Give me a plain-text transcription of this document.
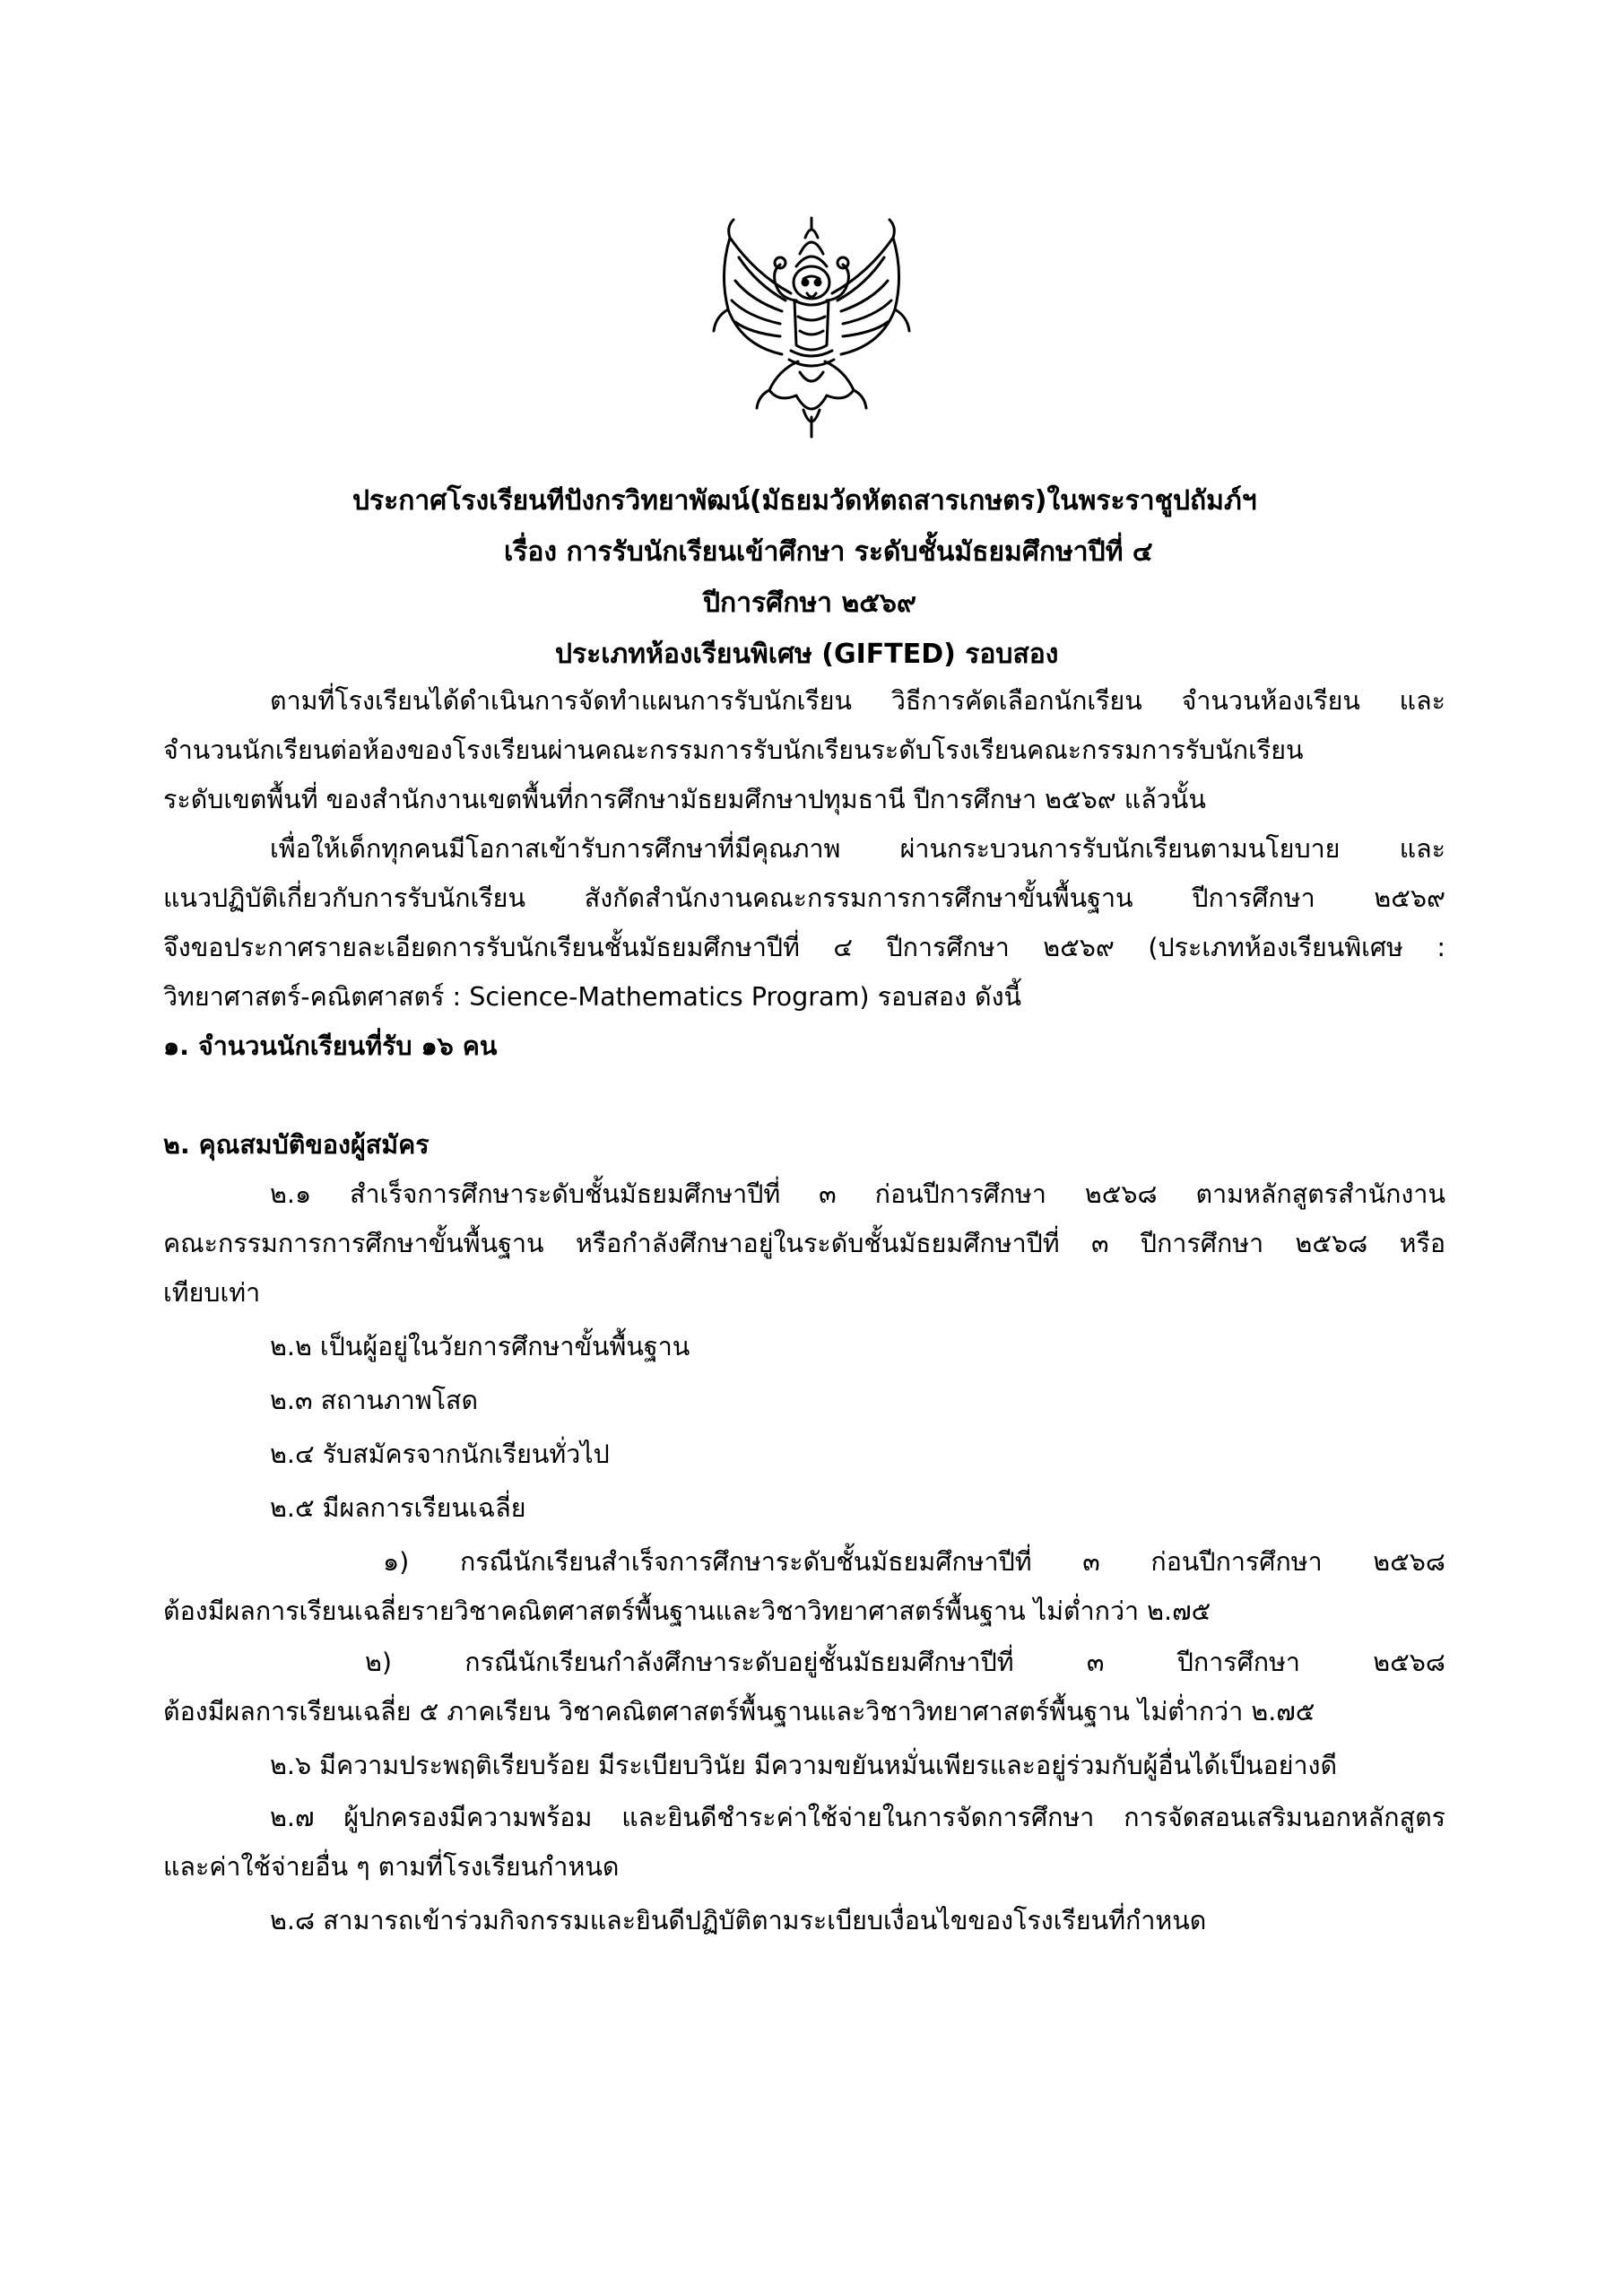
ประกาศโรงเรียนทีปังกรวิทยาพัฒน์(มัธยมวัดหัตถสารเกษตร)ในพระราชูปถัมภ์ฯ
เรื่อง การรับนักเรียนเข้าศึกษา ระดับชั้นมัธยมศึกษาปีที่ ๔
ปีการศึกษา ๒๕๖๙
ประเภทห้องเรียนพิเศษ (GIFTED) รอบสอง
ตามที่โรงเรียนได้ดำเนินการจัดทำแผนการรับนักเรียน วิธีการคัดเลือกนักเรียน จำนวนห้องเรียน และ
จำนวนนักเรียนต่อห้องของโรงเรียนผ่านคณะกรรมการรับนักเรียนระดับโรงเรียนคณะกรรมการรับนักเรียน
ระดับเขตพื้นที่ ของสำนักงานเขตพื้นที่การศึกษามัธยมศึกษาปทุมธานี ปีการศึกษา ๒๕๖๙ แล้วนั้น
เพื่อให้เด็กทุกคนมีโอกาสเข้ารับการศึกษาที่มีคุณภาพ ผ่านกระบวนการรับนักเรียนตามนโยบาย และ
แนวปฏิบัติเกี่ยวกับการรับนักเรียน สังกัดสำนักงานคณะกรรมการการศึกษาขั้นพื้นฐาน ปีการศึกษา ๒๕๖๙
จึงขอประกาศรายละเอียดการรับนักเรียนชั้นมัธยมศึกษาปีที่ ๔ ปีการศึกษา ๒๕๖๙ (ประเภทห้องเรียนพิเศษ :
วิทยาศาสตร์-คณิตศาสตร์ : Science-Mathematics Program) รอบสอง ดังนี้
๑. จำนวนนักเรียนที่รับ ๑๖ คน
๒. คุณสมบัติของผู้สมัคร
๒.๑ สำเร็จการศึกษาระดับชั้นมัธยมศึกษาปีที่ ๓ ก่อนปีการศึกษา ๒๕๖๘ ตามหลักสูตรสำนักงาน
คณะกรรมการการศึกษาขั้นพื้นฐาน หรือกำลังศึกษาอยู่ในระดับชั้นมัธยมศึกษาปีที่ ๓ ปีการศึกษา ๒๕๖๘ หรือ
เทียบเท่า
๒.๒ เป็นผู้อยู่ในวัยการศึกษาขั้นพื้นฐาน
๒.๓ สถานภาพโสด
๒.๔ รับสมัครจากนักเรียนทั่วไป
๒.๕ มีผลการเรียนเฉลี่ย
๑) กรณีนักเรียนสำเร็จการศึกษาระดับชั้นมัธยมศึกษาปีที่ ๓ ก่อนปีการศึกษา ๒๕๖๘
ต้องมีผลการเรียนเฉลี่ยรายวิชาคณิตศาสตร์พื้นฐานและวิชาวิทยาศาสตร์พื้นฐาน ไม่ต่ำกว่า ๒.๗๕
๒) กรณีนักเรียนกำลังศึกษาระดับอยู่ชั้นมัธยมศึกษาปีที่ ๓ ปีการศึกษา ๒๕๖๘
ต้องมีผลการเรียนเฉลี่ย ๕ ภาคเรียน วิชาคณิตศาสตร์พื้นฐานและวิชาวิทยาศาสตร์พื้นฐาน ไม่ต่ำกว่า ๒.๗๕
๒.๖ มีความประพฤติเรียบร้อย มีระเบียบวินัย มีความขยันหมั่นเพียรและอยู่ร่วมกับผู้อื่นได้เป็นอย่างดี
๒.๗ ผู้ปกครองมีความพร้อม และยินดีชำระค่าใช้จ่ายในการจัดการศึกษา การจัดสอนเสริมนอกหลักสูตร
และค่าใช้จ่ายอื่น ๆ ตามที่โรงเรียนกำหนด
๒.๘ สามารถเข้าร่วมกิจกรรมและยินดีปฏิบัติตามระเบียบเงื่อนไขของโรงเรียนที่กำหนด
